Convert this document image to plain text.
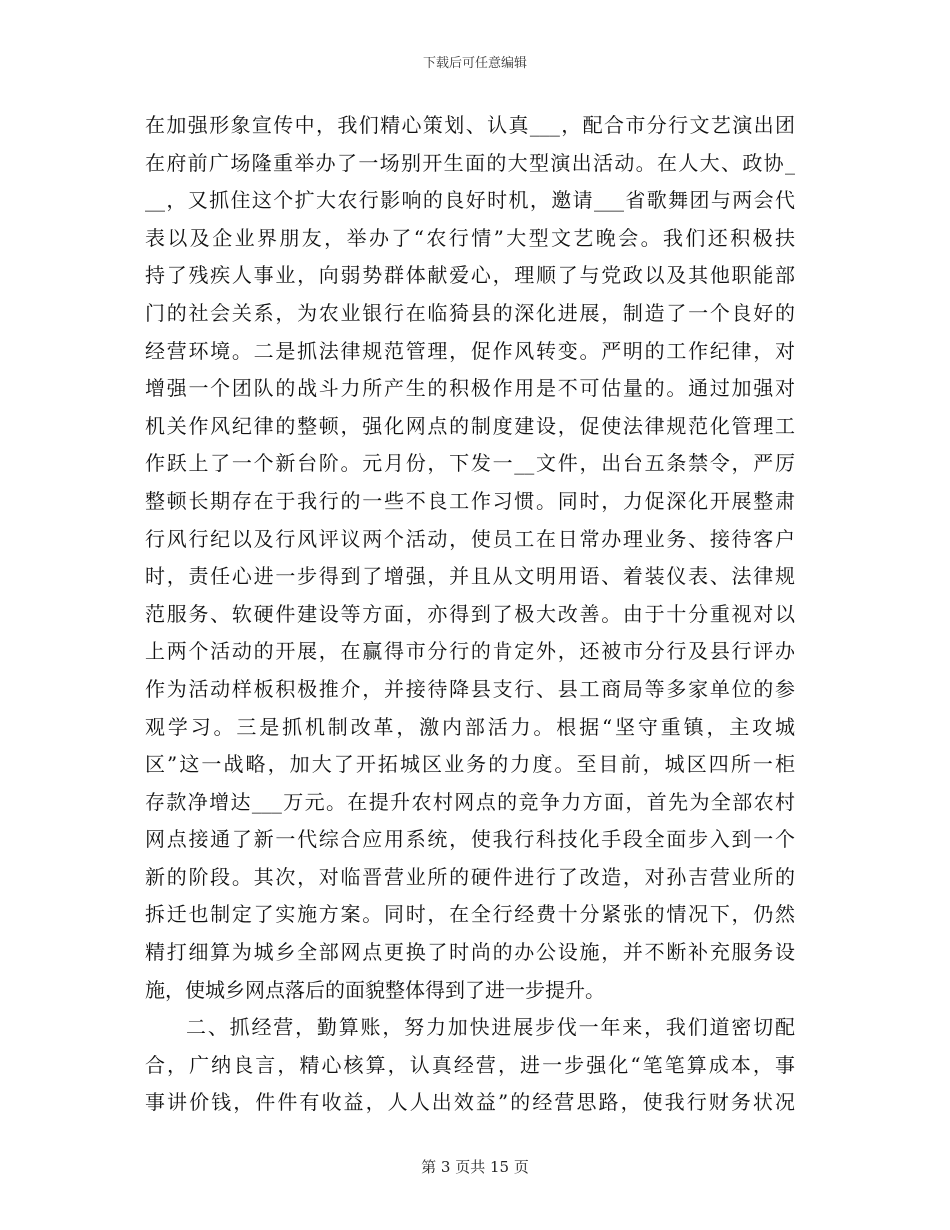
下载后可任意编辑
在加强形象宣传中，我们精心策划、认真___，配合市分行文艺演出团
在府前广场隆重举办了一场别开生面的大型演出活动。在人大、政协_
__，又抓住这个扩大农行影响的良好时机，邀请___省歌舞团与两会代
表以及企业界朋友，举办了“农行情”大型文艺晚会。我们还积极扶
持了残疾人事业，向弱势群体献爱心，理顺了与党政以及其他职能部
门的社会关系，为农业银行在临猗县的深化进展，制造了一个良好的
经营环境。二是抓法律规范管理，促作风转变。严明的工作纪律，对
增强一个团队的战斗力所产生的积极作用是不可估量的。通过加强对
机关作风纪律的整顿，强化网点的制度建设，促使法律规范化管理工
作跃上了一个新台阶。元月份，下发一__文件，出台五条禁令，严厉
整顿长期存在于我行的一些不良工作习惯。同时，力促深化开展整肃
行风行纪以及行风评议两个活动，使员工在日常办理业务、接待客户
时，责任心进一步得到了增强，并且从文明用语、着装仪表、法律规
范服务、软硬件建设等方面，亦得到了极大改善。由于十分重视对以
上两个活动的开展，在赢得市分行的肯定外，还被市分行及县行评办
作为活动样板积极推介，并接待降县支行、县工商局等多家单位的参
观学习。三是抓机制改革，激内部活力。根据“坚守重镇，主攻城
区”这一战略，加大了开拓城区业务的力度。至目前，城区四所一柜
存款净增达___万元。在提升农村网点的竞争力方面，首先为全部农村
网点接通了新一代综合应用系统，使我行科技化手段全面步入到一个
新的阶段。其次，对临晋营业所的硬件进行了改造，对孙吉营业所的
拆迁也制定了实施方案。同时，在全行经费十分紧张的情况下，仍然
精打细算为城乡全部网点更换了时尚的办公设施，并不断补充服务设
施，使城乡网点落后的面貌整体得到了进一步提升。
二、抓经营，勤算账，努力加快进展步伐一年来，我们道密切配
合，广纳良言，精心核算，认真经营，进一步强化“笔笔算成本，事
事讲价钱，件件有收益，人人出效益”的经营思路，使我行财务状况
第 3 页共 15 页
